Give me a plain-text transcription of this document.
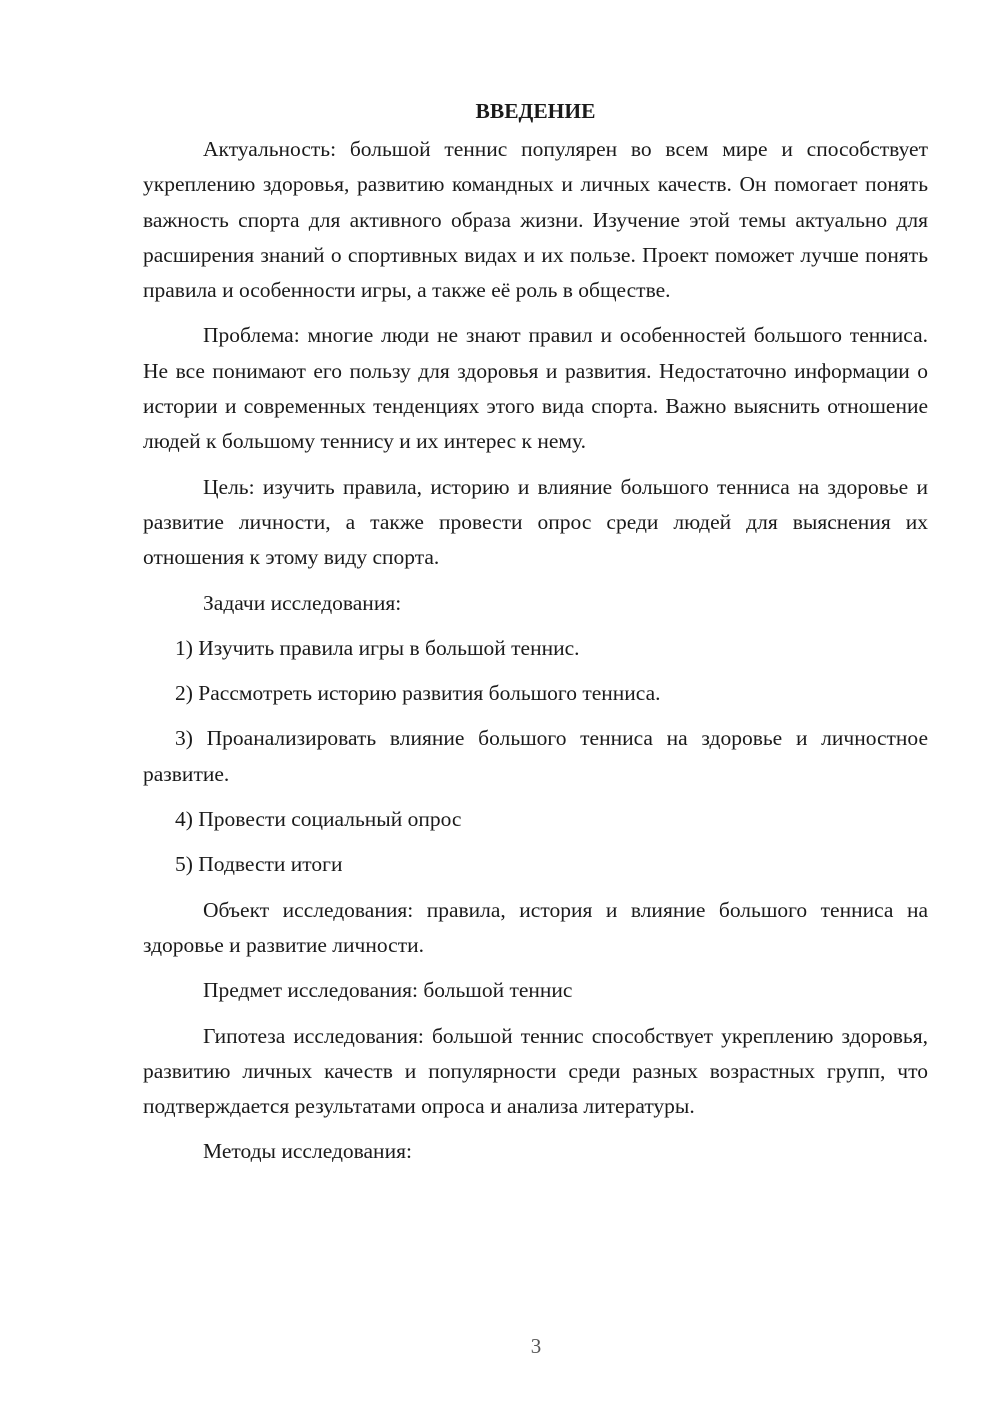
ВВЕДЕНИЕ

Актуальность: большой теннис популярен во всем мире и способствует укреплению здоровья, развитию командных и личных качеств. Он помогает понять важность спорта для активного образа жизни. Изучение этой темы актуально для расширения знаний о спортивных видах и их пользе. Проект поможет лучше понять правила и особенности игры, а также её роль в обществе.

Проблема: многие люди не знают правил и особенностей большого тенниса. Не все понимают его пользу для здоровья и развития. Недостаточно информации о истории и современных тенденциях этого вида спорта. Важно выяснить отношение людей к большому теннису и их интерес к нему.

Цель: изучить правила, историю и влияние большого тенниса на здоровье и развитие личности, а также провести опрос среди людей для выяснения их отношения к этому виду спорта.

Задачи исследования:

1) Изучить правила игры в большой теннис.

2) Рассмотреть историю развития большого тенниса.

3) Проанализировать влияние большого тенниса на здоровье и личностное развитие.

4) Провести социальный опрос

5) Подвести итоги

Объект исследования: правила, история и влияние большого тенниса на здоровье и развитие личности.

Предмет исследования: большой теннис

Гипотеза исследования: большой теннис способствует укреплению здоровья, развитию личных качеств и популярности среди разных возрастных групп, что подтверждается результатами опроса и анализа литературы.

Методы исследования:

3
